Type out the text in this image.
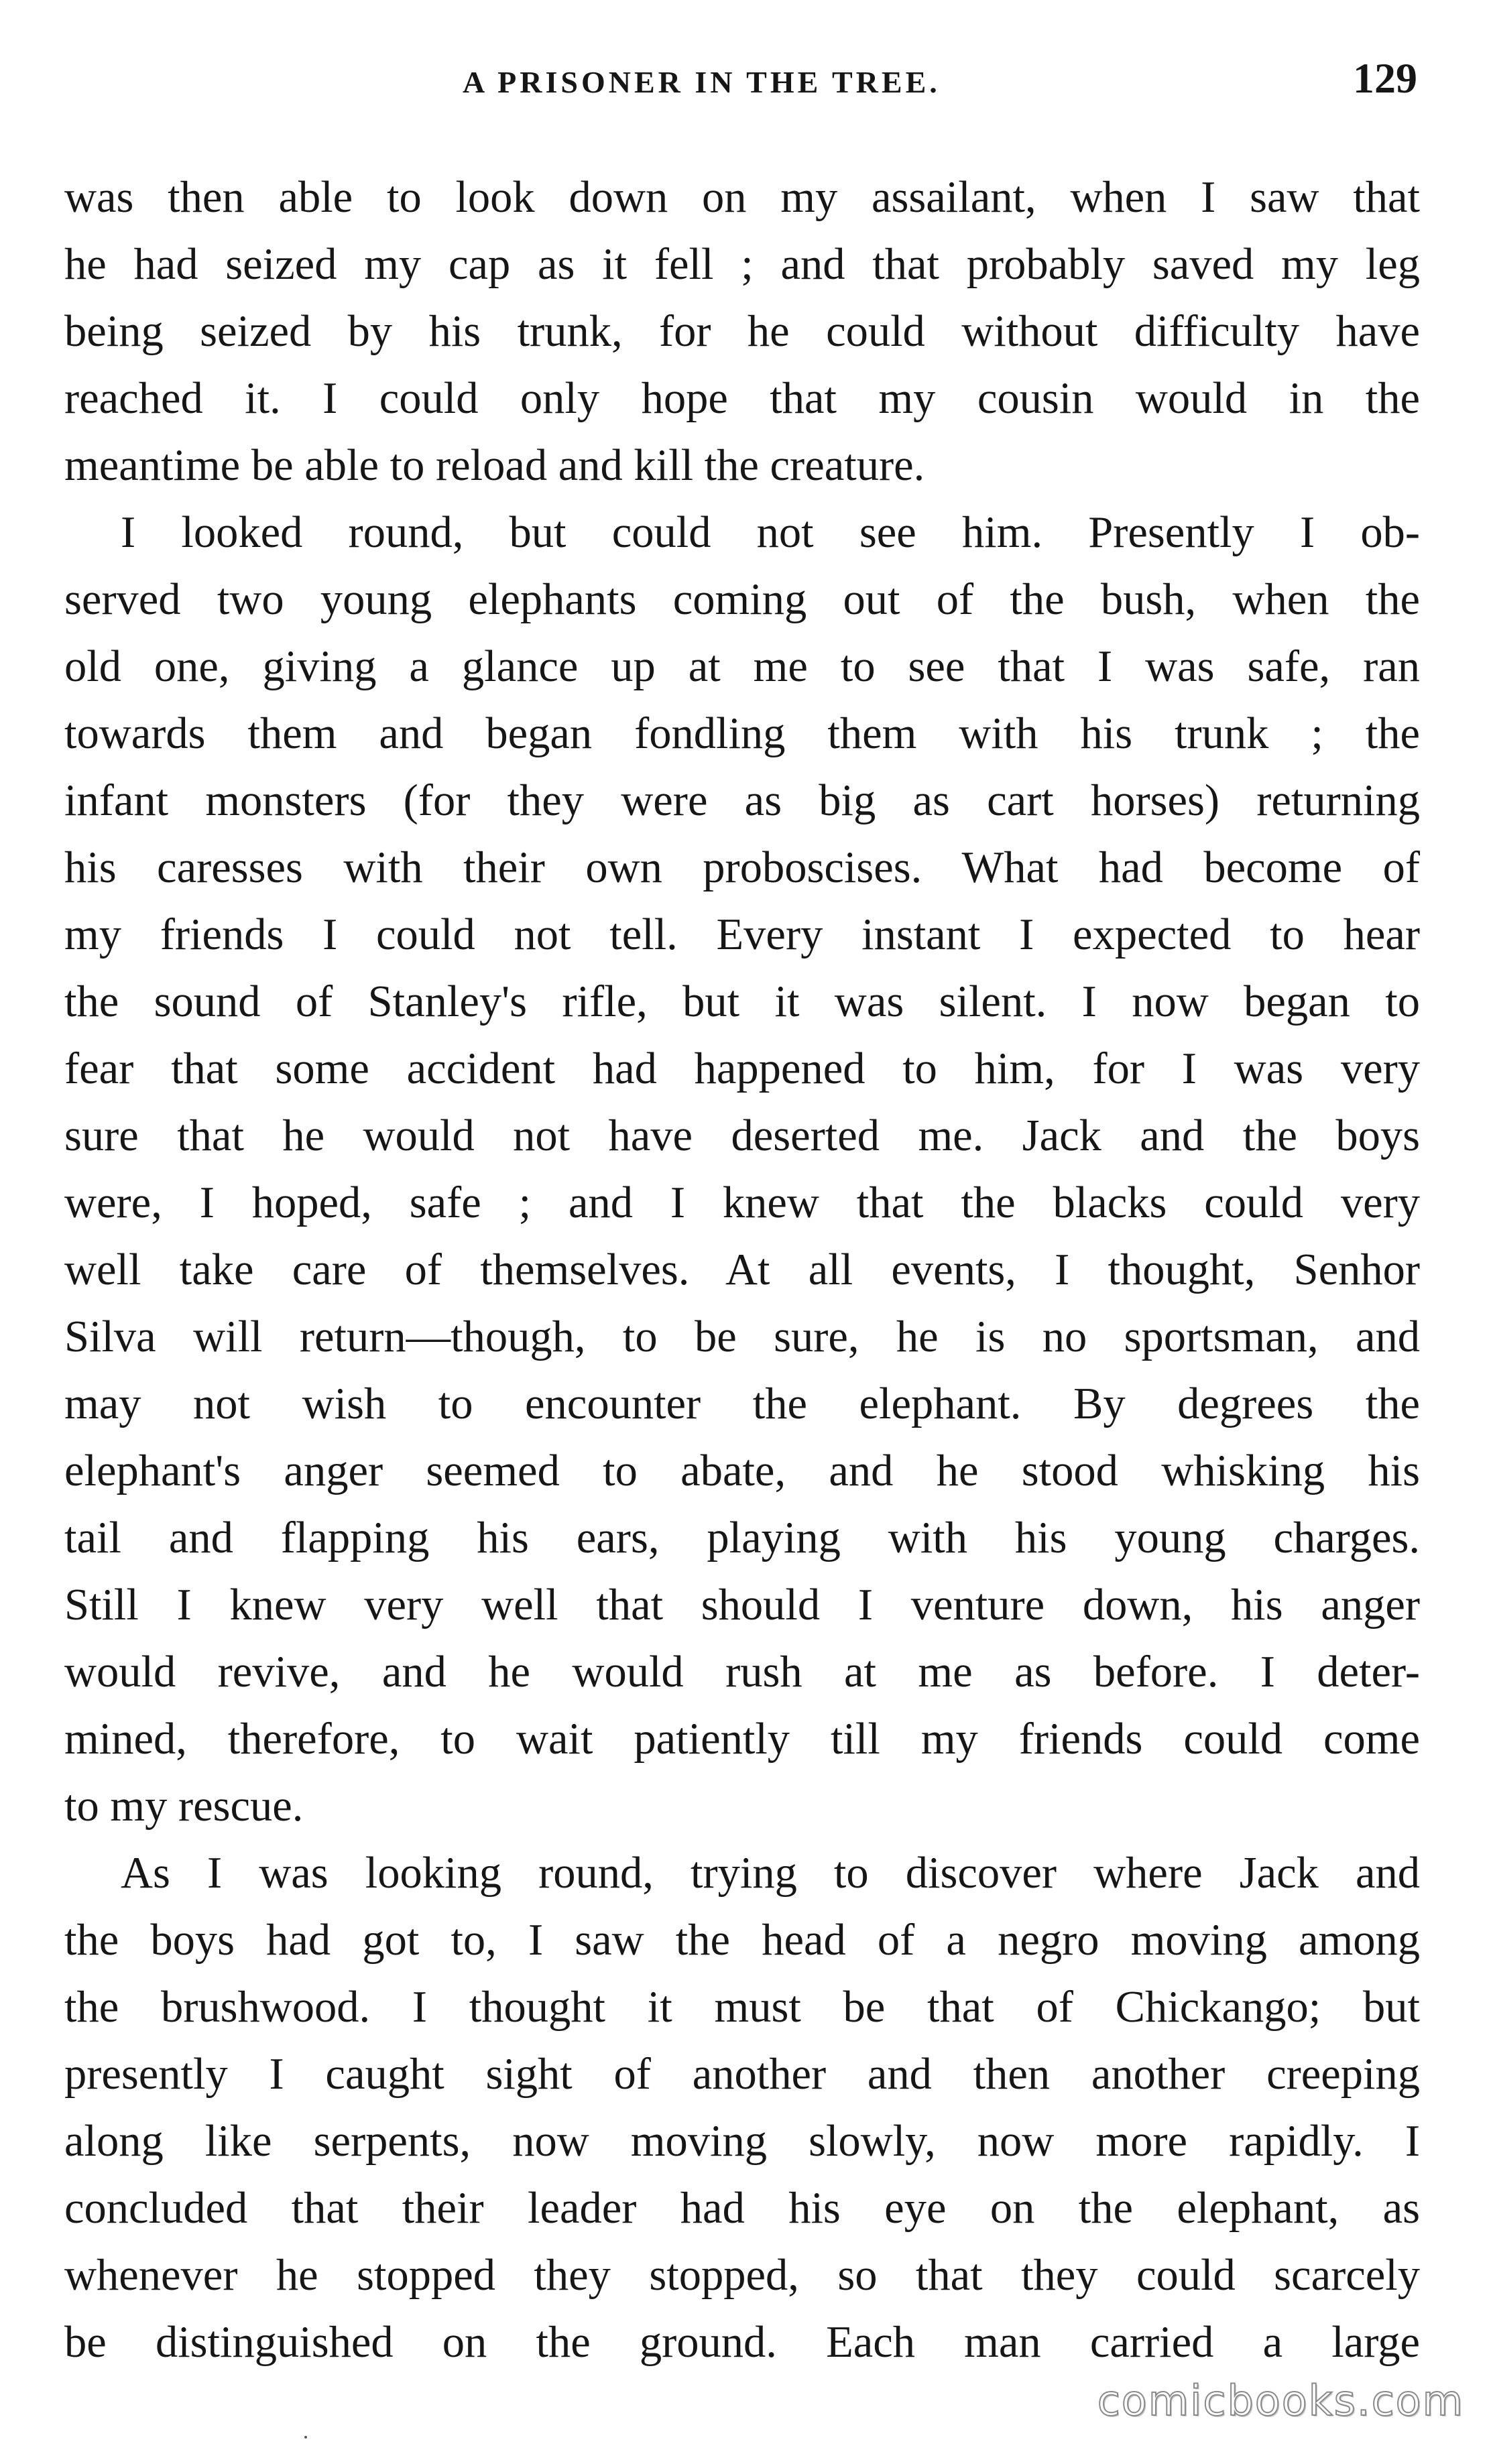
A PRISONER IN THE TREE.	129
was then able to look down on my assailant, when I saw that
he had seized my cap as it fell ; and that probably saved my leg
being seized by his trunk, for he could without difficulty have
reached it. I could only hope that my cousin would in the
meantime be able to reload and kill the creature.
I looked round, but could not see him. Presently I ob-
served two young elephants coming out of the bush, when the
old one, giving a glance up at me to see that I was safe, ran
towards them and began fondling them with his trunk ; the
infant monsters (for they were as big as cart horses) returning
his caresses with their own proboscises. What had become of
my friends I could not tell. Every instant I expected to hear
the sound of Stanley's rifle, but it was silent. I now began to
fear that some accident had happened to him, for I was very
sure that he would not have deserted me. Jack and the boys
were, I hoped, safe ; and I knew that the blacks could very
well take care of themselves. At all events, I thought, Senhor
Silva will return—though, to be sure, he is no sportsman, and
may not wish to encounter the elephant. By degrees the
elephant's anger seemed to abate, and he stood whisking his
tail and flapping his ears, playing with his young charges.
Still I knew very well that should I venture down, his anger
would revive, and he would rush at me as before. I deter-
mined, therefore, to wait patiently till my friends could come
to my rescue.
As I was looking round, trying to discover where Jack and
the boys had got to, I saw the head of a negro moving among
the brushwood. I thought it must be that of Chickango; but
presently I caught sight of another and then another creeping
along like serpents, now moving slowly, now more rapidly. I
concluded that their leader had his eye on the elephant, as
whenever he stopped they stopped, so that they could scarcely
be distinguished on the ground. Each man carried a large
comicbooks.com
